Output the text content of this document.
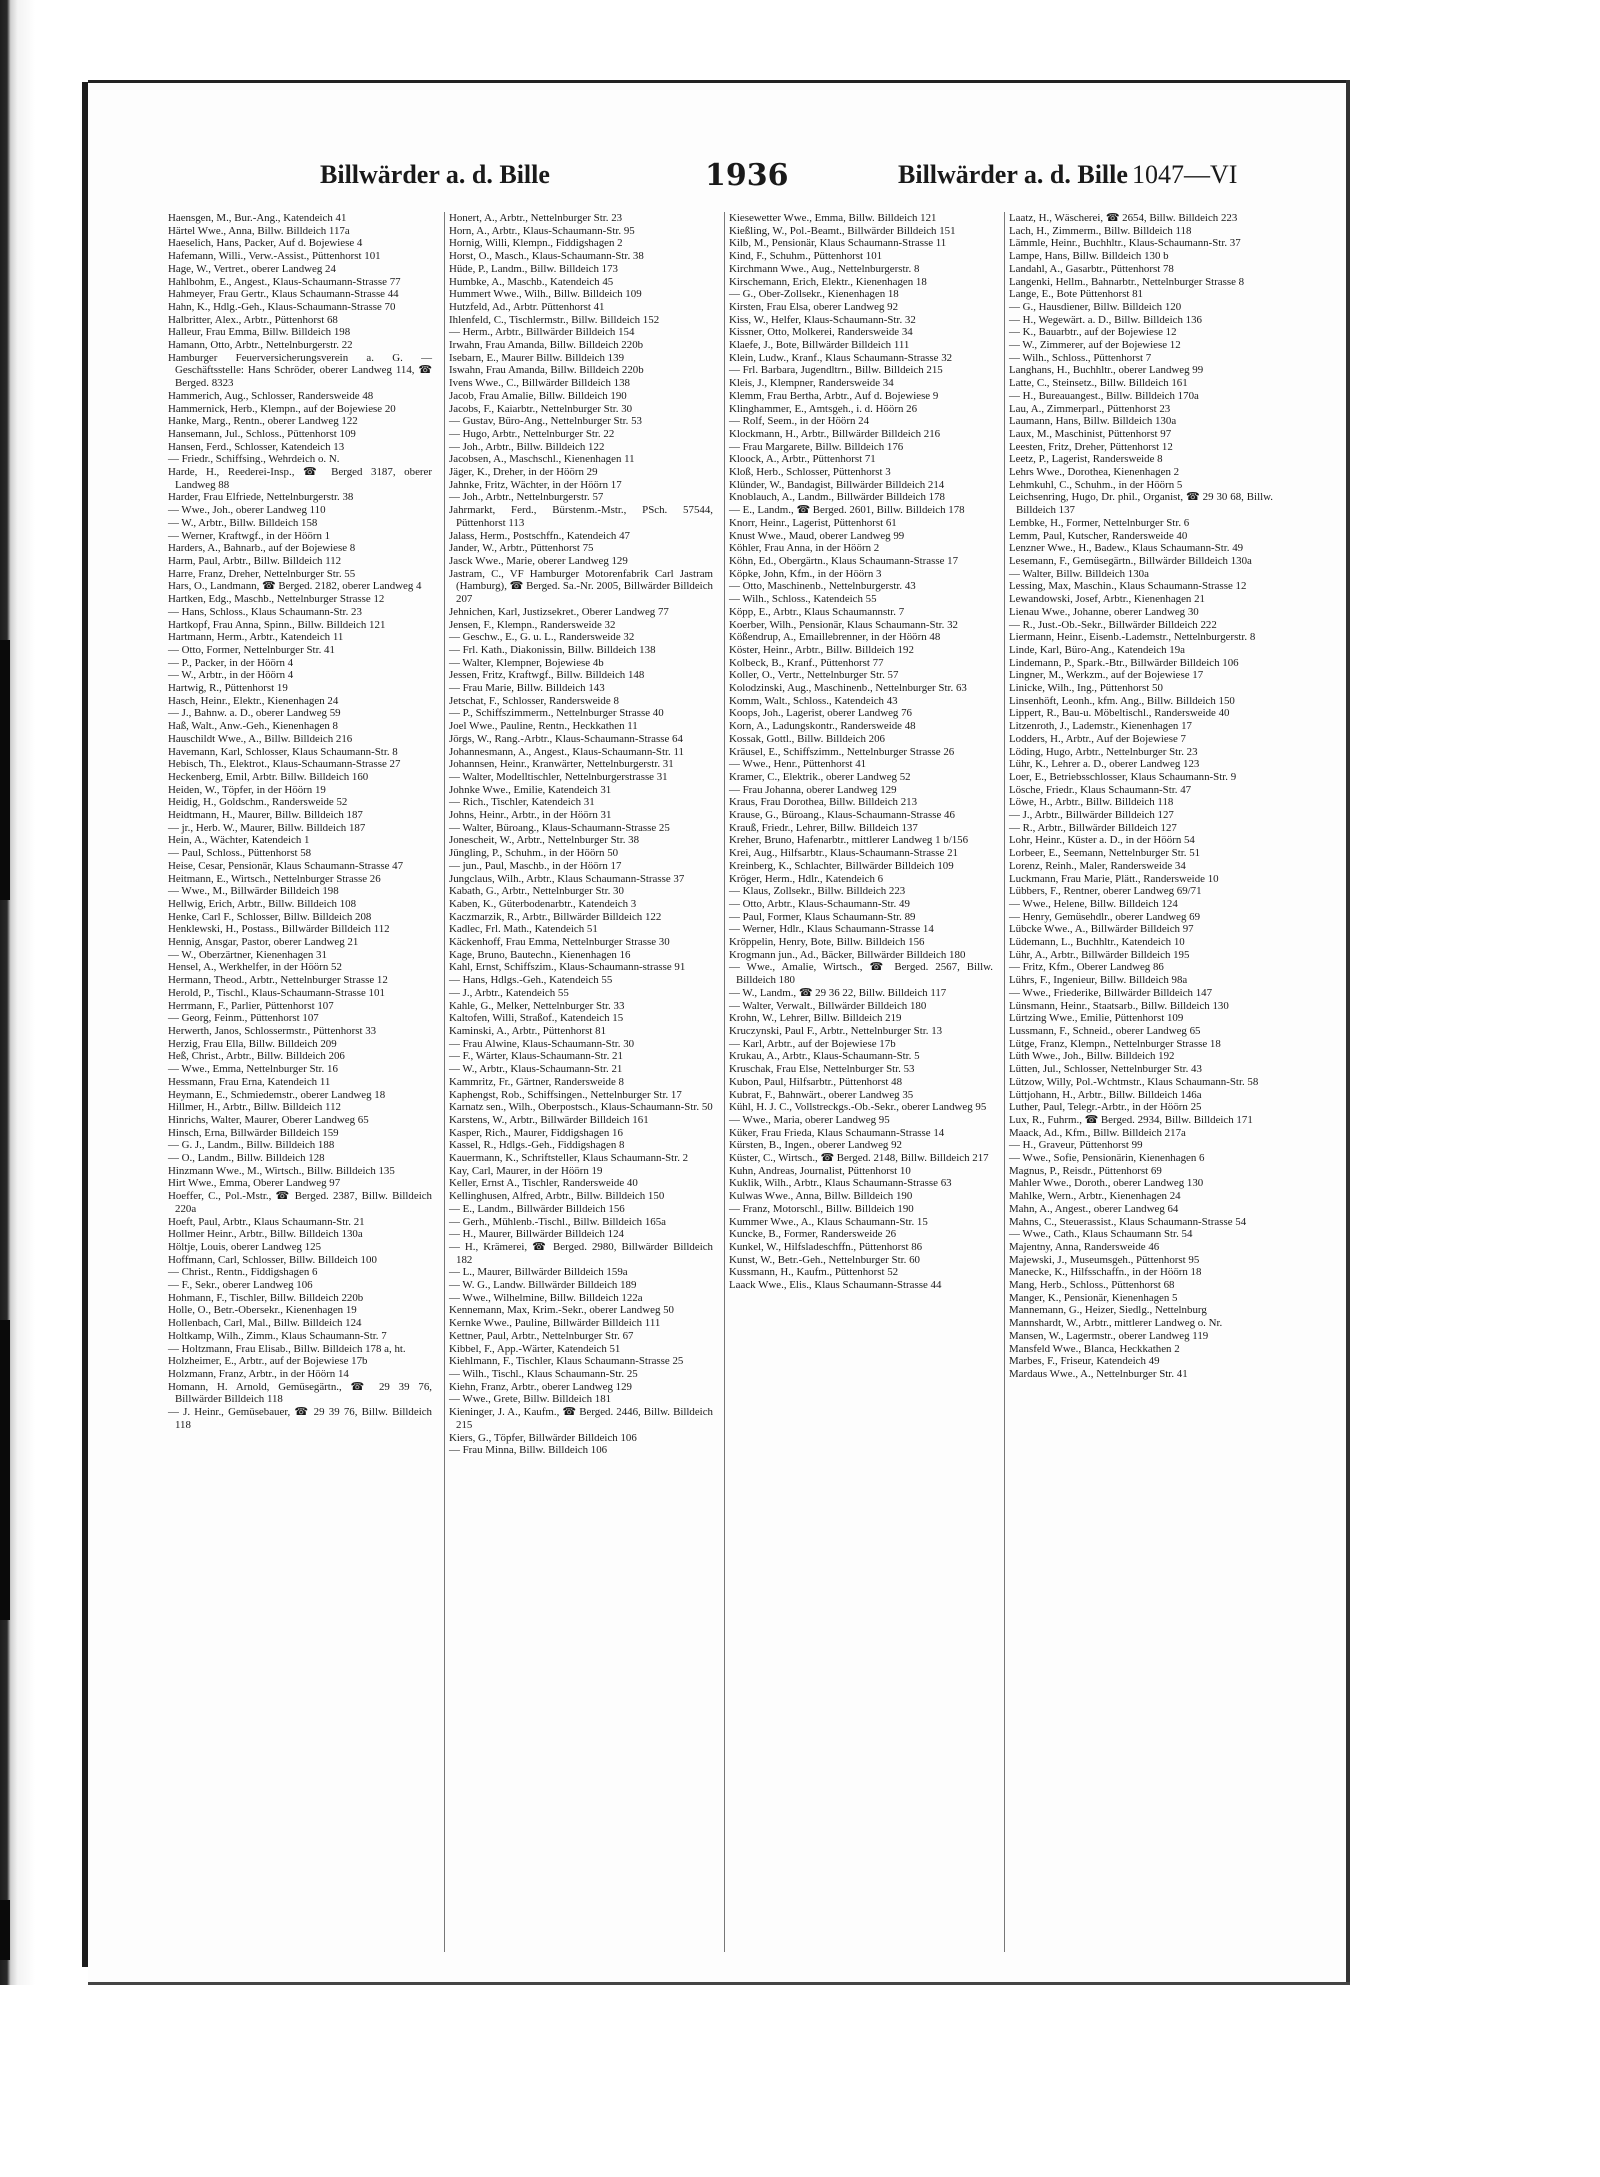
Billwärder a. d. Bille	1936	Billwärder a. d. Bille 1047—VI
Haensgen, M., Bur.-Ang., Katendeich 41
Härtel Wwe., Anna, Billw. Billdeich 117a
Haeselich, Hans, Packer, Auf d. Bojewiese 4
Hafemann, Willi., Verw.-Assist., Püttenhorst 101
Hage, W., Vertret., oberer Landweg 24
Hahlbohm, E., Angest., Klaus-Schaumann-Strasse 77
Hahmeyer, Frau Gertr., Klaus Schaumann-Strasse 44
Hahn, K., Hdlg.-Geh., Klaus-Schaumann-Strasse 70
Halbritter, Alex., Arbtr., Püttenhorst 68
Halleur, Frau Emma, Billw. Billdeich 198
Hamann, Otto, Arbtr., Nettelnburgerstr. 22
Hamburger Feuerversicherungsverein a. G. — Geschäftsstelle: Hans Schröder, oberer Landweg 114, ☎ Berged. 8323
Hammerich, Aug., Schlosser, Randersweide 48
Hammernick, Herb., Klempn., auf der Bojewiese 20
Hanke, Marg., Rentn., oberer Landweg 122
Hansemann, Jul., Schloss., Püttenhorst 109
Hansen, Ferd., Schlosser, Katendeich 13
— Friedr., Schiffsing., Wehrdeich o. N.
Harde, H., Reederei-Insp., ☎ Berged 3187, oberer Landweg 88
Harder, Frau Elfriede, Nettelnburgerstr. 38
— Wwe., Joh., oberer Landweg 110
— W., Arbtr., Billw. Billdeich 158
— Werner, Kraftwgf., in der Höörn 1
Harders, A., Bahnarb., auf der Bojewiese 8
Harm, Paul, Arbtr., Billw. Billdeich 112
Harre, Franz, Dreher, Nettelnburger Str. 55
Hars, O., Landmann, ☎ Berged. 2182, oberer Landweg 4
Hartken, Edg., Maschb., Nettelnburger Strasse 12
— Hans, Schloss., Klaus Schaumann-Str. 23
Hartkopf, Frau Anna, Spinn., Billw. Billdeich 121
Hartmann, Herm., Arbtr., Katendeich 11
— Otto, Former, Nettelnburger Str. 41
— P., Packer, in der Höörn 4
— W., Arbtr., in der Höörn 4
Hartwig, R., Püttenhorst 19
Hasch, Heinr., Elektr., Kienenhagen 24
— J., Bahnw. a. D., oberer Landweg 59
Haß, Walt., Anw.-Geh., Kienenhagen 8
Hauschildt Wwe., A., Billw. Billdeich 216
Havemann, Karl, Schlosser, Klaus Schaumann-Str. 8
Hebisch, Th., Elektrot., Klaus-Schaumann-Strasse 27
Heckenberg, Emil, Arbtr. Billw. Billdeich 160
Heiden, W., Töpfer, in der Höörn 19
Heidig, H., Goldschm., Randersweide 52
Heidtmann, H., Maurer, Billw. Billdeich 187
— jr., Herb. W., Maurer, Billw. Billdeich 187
Hein, A., Wächter, Katendeich 1
— Paul, Schloss., Püttenhorst 58
Heise, Cesar, Pensionär, Klaus Schaumann-Strasse 47
Heitmann, E., Wirtsch., Nettelnburger Strasse 26
— Wwe., M., Billwärder Billdeich 198
Hellwig, Erich, Arbtr., Billw. Billdeich 108
Henke, Carl F., Schlosser, Billw. Billdeich 208
Henklewski, H., Postass., Billwärder Billdeich 112
Hennig, Ansgar, Pastor, oberer Landweg 21
— W., Oberzärtner, Kienenhagen 31
Hensel, A., Werkhelfer, in der Höörn 52
Hermann, Theod., Arbtr., Nettelnburger Strasse 12
Herold, P., Tischl., Klaus-Schaumann-Strasse 101
Herrmann, F., Parlier, Püttenhorst 107
— Georg, Feinm., Püttenhorst 107
Herwerth, Janos, Schlossermstr., Püttenhorst 33
Herzig, Frau Ella, Billw. Billdeich 209
Heß, Christ., Arbtr., Billw. Billdeich 206
— Wwe., Emma, Nettelnburger Str. 16
Hessmann, Frau Erna, Katendeich 11
Heymann, E., Schmiedemstr., oberer Landweg 18
Hillmer, H., Arbtr., Billw. Billdeich 112
Hinrichs, Walter, Maurer, Oberer Landweg 65
Hinsch, Erna, Billwärder Billdeich 159
— G. J., Landm., Billw. Billdeich 188
— O., Landm., Billw. Billdeich 128
Hinzmann Wwe., M., Wirtsch., Billw. Billdeich 135
Hirt Wwe., Emma, Oberer Landweg 97
Hoeffer, C., Pol.-Mstr., ☎ Berged. 2387, Billw. Billdeich 220a
Hoeft, Paul, Arbtr., Klaus Schaumann-Str. 21
Hollmer Heinr., Arbtr., Billw. Billdeich 130a
Höltje, Louis, oberer Landweg 125
Hoffmann, Carl, Schlosser, Billw. Billdeich 100
— Christ., Rentn., Fiddigshagen 6
— F., Sekr., oberer Landweg 106
Hohmann, F., Tischler, Billw. Billdeich 220b
Holle, O., Betr.-Obersekr., Kienenhagen 19
Hollenbach, Carl, Mal., Billw. Billdeich 124
Holtkamp, Wilh., Zimm., Klaus Schaumann-Str. 7
— Holtzmann, Frau Elisab., Billw. Billdeich 178 a, ht.
Holzheimer, E., Arbtr., auf der Bojewiese 17b
Holzmann, Franz, Arbtr., in der Höörn 14
Homann, H. Arnold, Gemüsegärtn., ☎ 29 39 76, Billwärder Billdeich 118
— J. Heinr., Gemüsebauer, ☎ 29 39 76, Billw. Billdeich 118
Honert, A., Arbtr., Nettelnburger Str. 23
Horn, A., Arbtr., Klaus-Schaumann-Str. 95
Hornig, Willi, Klempn., Fiddigshagen 2
Horst, O., Masch., Klaus-Schaumann-Str. 38
Hüde, P., Landm., Billw. Billdeich 173
Humbke, A., Maschb., Katendeich 45
Hummert Wwe., Wilh., Billw. Billdeich 109
Hutzfeld, Ad., Arbtr. Püttenhorst 41
Ihlenfeld, C., Tischlermstr., Billw. Billdeich 152
— Herm., Arbtr., Billwärder Billdeich 154
Irwahn, Frau Amanda, Billw. Billdeich 220b
Isebarn, E., Maurer Billw. Billdeich 139
Iswahn, Frau Amanda, Billw. Billdeich 220b
Ivens Wwe., C., Billwärder Billdeich 138
Jacob, Frau Amalie, Billw. Billdeich 190
Jacobs, F., Kaiarbtr., Nettelnburger Str. 30
— Gustav, Büro-Ang., Nettelnburger Str. 53
— Hugo, Arbtr., Nettelnburger Str. 22
— Joh., Arbtr., Billw. Billdeich 122
Jacobsen, A., Maschschl., Kienenhagen 11
Jäger, K., Dreher, in der Höörn 29
Jahnke, Fritz, Wächter, in der Höörn 17
— Joh., Arbtr., Nettelnburgerstr. 57
Jahrmarkt, Ferd., Bürstenm.-Mstr., PSch. 57544, Püttenhorst 113
Jalass, Herm., Postschffn., Katendeich 47
Jander, W., Arbtr., Püttenhorst 75
Jasck Wwe., Marie, oberer Landweg 129
Jastram, C., VF Hamburger Motorenfabrik Carl Jastram (Hamburg), ☎ Berged. Sa.-Nr. 2005, Billwärder Billdeich 207
Jehnichen, Karl, Justizsekret., Oberer Landweg 77
Jensen, F., Klempn., Randersweide 32
— Geschw., E., G. u. L., Randersweide 32
— Frl. Kath., Diakonissin, Billw. Billdeich 138
— Walter, Klempner, Bojewiese 4b
Jessen, Fritz, Kraftwgf., Billw. Billdeich 148
— Frau Marie, Billw. Billdeich 143
Jetschat, F., Schlosser, Randersweide 8
— P., Schiffszimmerm., Nettelnburger Strasse 40
Joel Wwe., Pauline, Rentn., Heckkathen 11
Jörgs, W., Rang.-Arbtr., Klaus-Schaumann-Strasse 64
Johannesmann, A., Angest., Klaus-Schaumann-Str. 11
Johannsen, Heinr., Kranwärter, Nettelnburgerstr. 31
— Walter, Modelltischler, Nettelnburgerstrasse 31
Johnke Wwe., Emilie, Katendeich 31
— Rich., Tischler, Katendeich 31
Johns, Heinr., Arbtr., in der Höörn 31
— Walter, Büroang., Klaus-Schaumann-Strasse 25
Jonescheit, W., Arbtr., Nettelnburger Str. 38
Jüngling, P., Schuhm., in der Höörn 50
— jun., Paul, Maschb., in der Höörn 17
Jungclaus, Wilh., Arbtr., Klaus Schaumann-Strasse 37
Kabath, G., Arbtr., Nettelnburger Str. 30
Kaben, K., Güterbodenarbtr., Katendeich 3
Kaczmarzik, R., Arbtr., Billwärder Billdeich 122
Kadlec, Frl. Math., Katendeich 51
Käckenhoff, Frau Emma, Nettelnburger Strasse 30
Kage, Bruno, Bautechn., Kienenhagen 16
Kahl, Ernst, Schiffszim., Klaus-Schaumann-strasse 91
— Hans, Hdlgs.-Geh., Katendeich 55
— J., Arbtr., Katendeich 55
Kahle, G., Melker, Nettelnburger Str. 33
Kaltofen, Willi, Straßof., Katendeich 15
Kaminski, A., Arbtr., Püttenhorst 81
— Frau Alwine, Klaus-Schaumann-Str. 30
— F., Wärter, Klaus-Schaumann-Str. 21
— W., Arbtr., Klaus-Schaumann-Str. 21
Kammritz, Fr., Gärtner, Randersweide 8
Kaphengst, Rob., Schiffsingen., Nettelnburger Str. 17
Karnatz sen., Wilh., Oberpostsch., Klaus-Schaumann-Str. 50
Karstens, W., Arbtr., Billwärder Billdeich 161
Kasper, Rich., Maurer, Fiddigshagen 16
Kassel, R., Hdlgs.-Geh., Fiddigshagen 8
Kauermann, K., Schriftsteller, Klaus Schaumann-Str. 2
Kay, Carl, Maurer, in der Höörn 19
Keller, Ernst A., Tischler, Randersweide 40
Kellinghusen, Alfred, Arbtr., Billw. Billdeich 150
— E., Landm., Billwärder Billdeich 156
— Gerh., Mühlenb.-Tischl., Billw. Billdeich 165a
— H., Maurer, Billwärder Billdeich 124
— H., Krämerei, ☎ Berged. 2980, Billwärder Billdeich 182
— L., Maurer, Billwärder Billdeich 159a
— W. G., Landw. Billwärder Billdeich 189
— Wwe., Wilhelmine, Billw. Billdeich 122a
Kennemann, Max, Krim.-Sekr., oberer Landweg 50
Kernke Wwe., Pauline, Billwärder Billdeich 111
Kettner, Paul, Arbtr., Nettelnburger Str. 67
Kibbel, F., App.-Wärter, Katendeich 51
Kiehlmann, F., Tischler, Klaus Schaumann-Strasse 25
— Wilh., Tischl., Klaus Schaumann-Str. 25
Kiehn, Franz, Arbtr., oberer Landweg 129
— Wwe., Grete, Billw. Billdeich 181
Kieninger, J. A., Kaufm., ☎ Berged. 2446, Billw. Billdeich 215
Kiers, G., Töpfer, Billwärder Billdeich 106
— Frau Minna, Billw. Billdeich 106
Kiesewetter Wwe., Emma, Billw. Billdeich 121
Kießling, W., Pol.-Beamt., Billwärder Billdeich 151
Kilb, M., Pensionär, Klaus Schaumann-Strasse 11
Kind, F., Schuhm., Püttenhorst 101
Kirchmann Wwe., Aug., Nettelnburgerstr. 8
Kirschemann, Erich, Elektr., Kienenhagen 18
— G., Ober-Zollsekr., Kienenhagen 18
Kirsten, Frau Elsa, oberer Landweg 92
Kiss, W., Helfer, Klaus-Schaumann-Str. 32
Kissner, Otto, Molkerei, Randersweide 34
Klaefe, J., Bote, Billwärder Billdeich 111
Klein, Ludw., Kranf., Klaus Schaumann-Strasse 32
— Frl. Barbara, Jugendltrn., Billw. Billdeich 215
Kleis, J., Klempner, Randersweide 34
Klemm, Frau Bertha, Arbtr., Auf d. Bojewiese 9
Klinghammer, E., Amtsgeh., i. d. Höörn 26
— Rolf, Seem., in der Höörn 24
Klockmann, H., Arbtr., Billwärder Billdeich 216
— Frau Margarete, Billw. Billdeich 176
Kloock, A., Arbtr., Püttenhorst 71
Kloß, Herb., Schlosser, Püttenhorst 3
Klünder, W., Bandagist, Billwärder Billdeich 214
Knoblauch, A., Landm., Billwärder Billdeich 178
— E., Landm., ☎ Berged. 2601, Billw. Billdeich 178
Knorr, Heinr., Lagerist, Püttenhorst 61
Knust Wwe., Maud, oberer Landweg 99
Köhler, Frau Anna, in der Höörn 2
Köhn, Ed., Obergärtn., Klaus Schaumann-Strasse 17
Köpke, John, Kfm., in der Höörn 3
— Otto, Maschinenb., Nettelnburgerstr. 43
— Wilh., Schloss., Katendeich 55
Köpp, E., Arbtr., Klaus Schaumannstr. 7
Koerber, Wilh., Pensionär, Klaus Schaumann-Str. 32
Kößendrup, A., Emaillebrenner, in der Höörn 48
Köster, Heinr., Arbtr., Billw. Billdeich 192
Kolbeck, B., Kranf., Püttenhorst 77
Koller, O., Vertr., Nettelnburger Str. 57
Kolodzinski, Aug., Maschinenb., Nettelnburger Str. 63
Komm, Walt., Schloss., Katendeich 43
Koops, Joh., Lagerist, oberer Landweg 76
Korn, A., Ladungskontr., Randersweide 48
Kossak, Gottl., Billw. Billdeich 206
Kräusel, E., Schiffszimm., Nettelnburger Strasse 26
— Wwe., Henr., Püttenhorst 41
Kramer, C., Elektrik., oberer Landweg 52
— Frau Johanna, oberer Landweg 129
Kraus, Frau Dorothea, Billw. Billdeich 213
Krause, G., Büroang., Klaus-Schaumann-Strasse 46
Krauß, Friedr., Lehrer, Billw. Billdeich 137
Kreher, Bruno, Hafenarbtr., mittlerer Landweg 1 b/156
Krei, Aug., Hilfsarbtr., Klaus-Schaumann-Strasse 21
Kreinberg, K., Schlachter, Billwärder Billdeich 109
Kröger, Herm., Hdlr., Katendeich 6
— Klaus, Zollsekr., Billw. Billdeich 223
— Otto, Arbtr., Klaus-Schaumann-Str. 49
— Paul, Former, Klaus Schaumann-Str. 89
— Werner, Hdlr., Klaus Schaumann-Strasse 14
Kröppelin, Henry, Bote, Billw. Billdeich 156
Krogmann jun., Ad., Bäcker, Billwärder Billdeich 180
— Wwe., Amalie, Wirtsch., ☎ Berged. 2567, Billw. Billdeich 180
— W., Landm., ☎ 29 36 22, Billw. Billdeich 117
— Walter, Verwalt., Billwärder Billdeich 180
Krohn, W., Lehrer, Billw. Billdeich 219
Kruczynski, Paul F., Arbtr., Nettelnburger Str. 13
— Karl, Arbtr., auf der Bojewiese 17b
Krukau, A., Arbtr., Klaus-Schaumann-Str. 5
Kruschak, Frau Else, Nettelnburger Str. 53
Kubon, Paul, Hilfsarbtr., Püttenhorst 48
Kubrat, F., Bahnwärt., oberer Landweg 35
Kühl, H. J. C., Vollstreckgs.-Ob.-Sekr., oberer Landweg 95
— Wwe., Maria, oberer Landweg 95
Küker, Frau Frieda, Klaus Schaumann-Strasse 14
Kürsten, B., Ingen., oberer Landweg 92
Küster, C., Wirtsch., ☎ Berged. 2148, Billw. Billdeich 217
Kuhn, Andreas, Journalist, Püttenhorst 10
Kuklik, Wilh., Arbtr., Klaus Schaumann-Strasse 63
Kulwas Wwe., Anna, Billw. Billdeich 190
— Franz, Motorschl., Billw. Billdeich 190
Kummer Wwe., A., Klaus Schaumann-Str. 15
Kuncke, B., Former, Randersweide 26
Kunkel, W., Hilfsladeschffn., Püttenhorst 86
Kunst, W., Betr.-Geh., Nettelnburger Str. 60
Kussmann, H., Kaufm., Püttenhorst 52
Laack Wwe., Elis., Klaus Schaumann-Strasse 44
Laatz, H., Wäscherei, ☎ 2654, Billw. Billdeich 223
Lach, H., Zimmerm., Billw. Billdeich 118
Lämmle, Heinr., Buchhltr., Klaus-Schaumann-Str. 37
Lampe, Hans, Billw. Billdeich 130 b
Landahl, A., Gasarbtr., Püttenhorst 78
Langenki, Hellm., Bahnarbtr., Nettelnburger Strasse 8
Lange, E., Bote Püttenhorst 81
— G., Hausdiener, Billw. Billdeich 120
— H., Wegewärt. a. D., Billw. Billdeich 136
— K., Bauarbtr., auf der Bojewiese 12
— W., Zimmerer, auf der Bojewiese 12
— Wilh., Schloss., Püttenhorst 7
Langhans, H., Buchhltr., oberer Landweg 99
Latte, C., Steinsetz., Billw. Billdeich 161
— H., Bureauangest., Billw. Billdeich 170a
Lau, A., Zimmerparl., Püttenhorst 23
Laumann, Hans, Billw. Billdeich 130a
Laux, M., Maschinist, Püttenhorst 97
Leesten, Fritz, Dreher, Püttenhorst 12
Leetz, P., Lagerist, Randersweide 8
Lehrs Wwe., Dorothea, Kienenhagen 2
Lehmkuhl, C., Schuhm., in der Höörn 5
Leichsenring, Hugo, Dr. phil., Organist, ☎ 29 30 68, Billw. Billdeich 137
Lembke, H., Former, Nettelnburger Str. 6
Lemm, Paul, Kutscher, Randersweide 40
Lenzner Wwe., H., Badew., Klaus Schaumann-Str. 49
Lesemann, F., Gemüsegärtn., Billwärder Billdeich 130a
— Walter, Billw. Billdeich 130a
Lessing, Max, Maschin., Klaus Schaumann-Strasse 12
Lewandowski, Josef, Arbtr., Kienenhagen 21
Lienau Wwe., Johanne, oberer Landweg 30
— R., Just.-Ob.-Sekr., Billwärder Billdeich 222
Liermann, Heinr., Eisenb.-Lademstr., Nettelnburgerstr. 8
Linde, Karl, Büro-Ang., Katendeich 19a
Lindemann, P., Spark.-Btr., Billwärder Billdeich 106
Lingner, M., Werkzm., auf der Bojewiese 17
Linicke, Wilh., Ing., Püttenhorst 50
Linsenhöft, Leonh., kfm. Ang., Billw. Billdeich 150
Lippert, R., Bau-u. Möbeltischl., Randersweide 40
Litzenroth, J., Lademstr., Kienenhagen 17
Lodders, H., Arbtr., Auf der Bojewiese 7
Löding, Hugo, Arbtr., Nettelnburger Str. 23
Lühr, K., Lehrer a. D., oberer Landweg 123
Loer, E., Betriebsschlosser, Klaus Schaumann-Str. 9
Lösche, Friedr., Klaus Schaumann-Str. 47
Löwe, H., Arbtr., Billw. Billdeich 118
— J., Arbtr., Billwärder Billdeich 127
— R., Arbtr., Billwärder Billdeich 127
Lohr, Heinr., Küster a. D., in der Höörn 54
Lorbeer, E., Seemann, Nettelnburger Str. 51
Lorenz, Reinh., Maler, Randersweide 34
Luckmann, Frau Marie, Plätt., Randersweide 10
Lübbers, F., Rentner, oberer Landweg 69/71
— Wwe., Helene, Billw. Billdeich 124
— Henry, Gemüsehdlr., oberer Landweg 69
Lübcke Wwe., A., Billwärder Billdeich 97
Lüdemann, L., Buchhltr., Katendeich 10
Lühr, A., Arbtr., Billwärder Billdeich 195
— Fritz, Kfm., Oberer Landweg 86
Lührs, F., Ingenieur, Billw. Billdeich 98a
— Wwe., Friederike, Billwärder Billdeich 147
Lünsmann, Heinr., Staatsarb., Billw. Billdeich 130
Lürtzing Wwe., Emilie, Püttenhorst 109
Lussmann, F., Schneid., oberer Landweg 65
Lütge, Franz, Klempn., Nettelnburger Strasse 18
Lüth Wwe., Joh., Billw. Billdeich 192
Lütten, Jul., Schlosser, Nettelnburger Str. 43
Lützow, Willy, Pol.-Wchtmstr., Klaus Schaumann-Str. 58
Lüttjohann, H., Arbtr., Billw. Billdeich 146a
Luther, Paul, Telegr.-Arbtr., in der Höörn 25
Lux, R., Fuhrm., ☎ Berged. 2934, Billw. Billdeich 171
Maack, Ad., Kfm., Billw. Billdeich 217a
— H., Graveur, Püttenhorst 99
— Wwe., Sofie, Pensionärin, Kienenhagen 6
Magnus, P., Reisdr., Püttenhorst 69
Mahler Wwe., Doroth., oberer Landweg 130
Mahlke, Wern., Arbtr., Kienenhagen 24
Mahn, A., Angest., oberer Landweg 64
Mahns, C., Steuerassist., Klaus Schaumann-Strasse 54
— Wwe., Cath., Klaus Schaumann Str. 54
Majentny, Anna, Randersweide 46
Majewski, J., Museumsgeh., Püttenhorst 95
Manecke, K., Hilfsschaffn., in der Höörn 18
Mang, Herb., Schloss., Püttenhorst 68
Manger, K., Pensionär, Kienenhagen 5
Mannemann, G., Heizer, Siedlg., Nettelnburg
Mannshardt, W., Arbtr., mittlerer Landweg o. Nr.
Mansen, W., Lagermstr., oberer Landweg 119
Mansfeld Wwe., Blanca, Heckkathen 2
Marbes, F., Friseur, Katendeich 49
Mardaus Wwe., A., Nettelnburger Str. 41
